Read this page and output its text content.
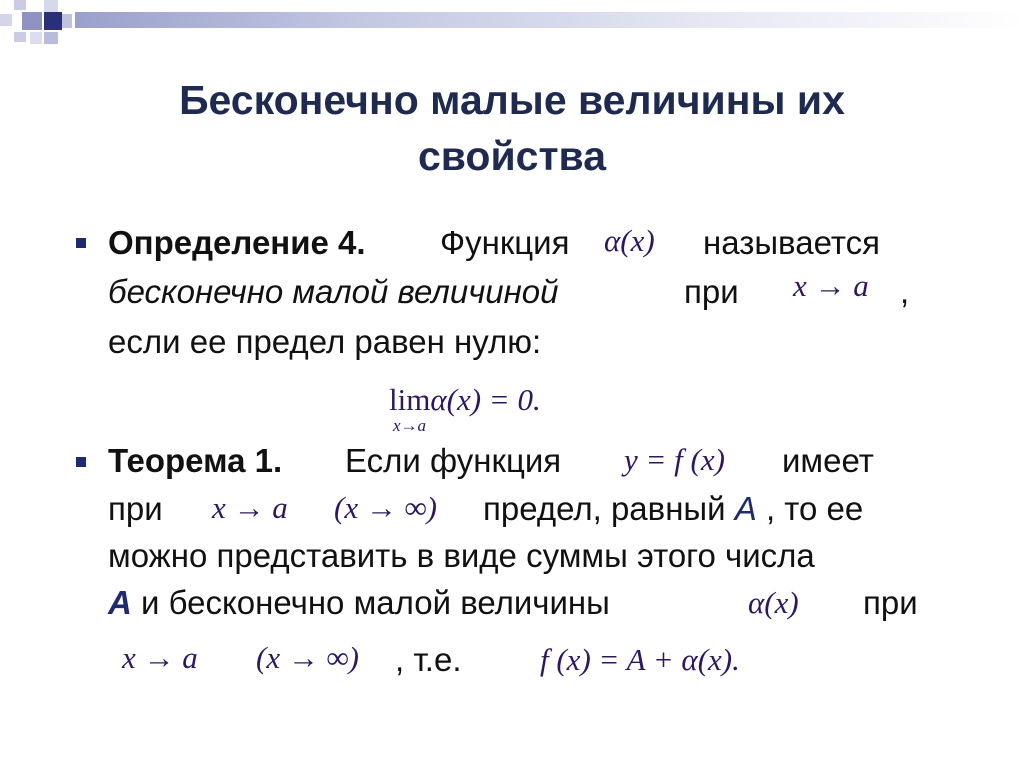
Бесконечно малые величины их
свойства
Определение 4. Функция α(x) называется
бесконечно малой величиной	при x → a ,
если ее предел равен нулю:
limα(x) = 0.
x→a
Теорема 1. Если функция y = f (x) имеет
при x → a (x → ∞) предел, равный А , то ее
можно представить в виде суммы этого числа
А и бесконечно малой величины	α(x) при
x → a (x → ∞) , т.е.	f (x) = A + α(x).
